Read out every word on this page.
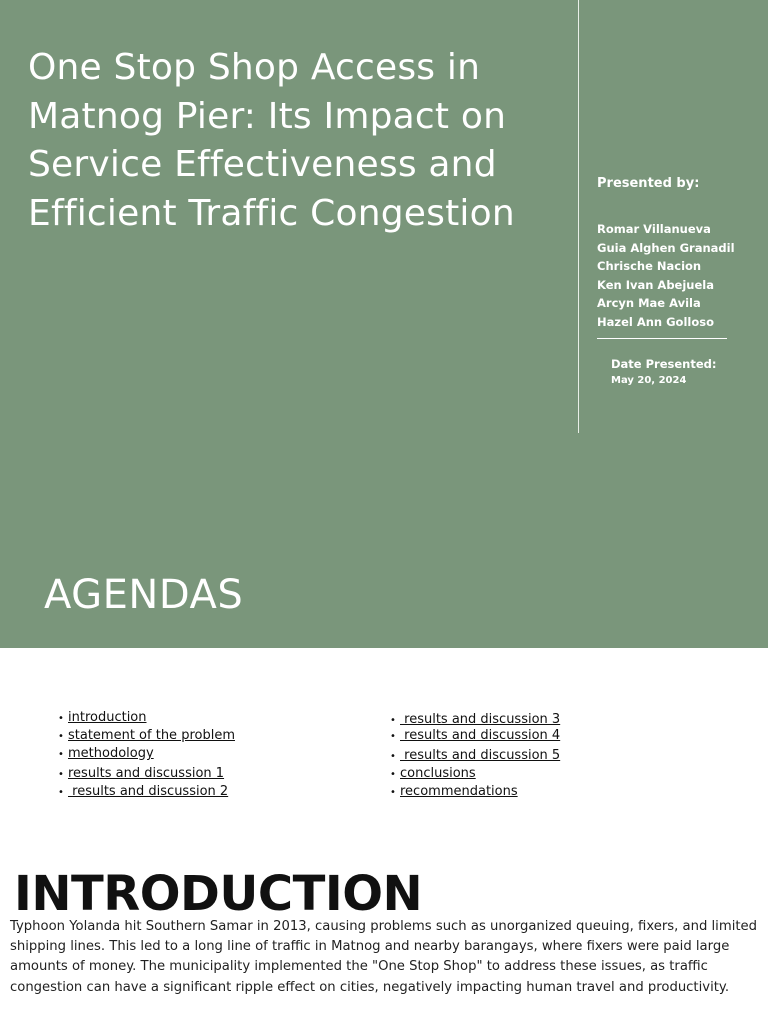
One Stop Shop Access in Matnog Pier: Its Impact on Service Effectiveness and Efficient Traffic Congestion
Presented by:
Romar Villanueva
Guia Alghen Granadil
Chrische Nacion
Ken Ivan Abejuela
Arcyn Mae Avila
Hazel Ann Golloso
Date Presented:
May 20, 2024
AGENDAS
• introduction
• statement of the problem
• methodology
• results and discussion 1
• results and discussion 2
• results and discussion 3
• results and discussion 4
• results and discussion 5
• conclusions
• recommendations
INTRODUCTION

Typhoon Yolanda hit Southern Samar in 2013, causing problems such as unorganized queuing, fixers, and limited shipping lines. This led to a long line of traffic in Matnog and nearby barangays, where fixers were paid large amounts of money. The municipality implemented the "One Stop Shop" to address these issues, as traffic congestion can have a significant ripple effect on cities, negatively impacting human travel and productivity.
